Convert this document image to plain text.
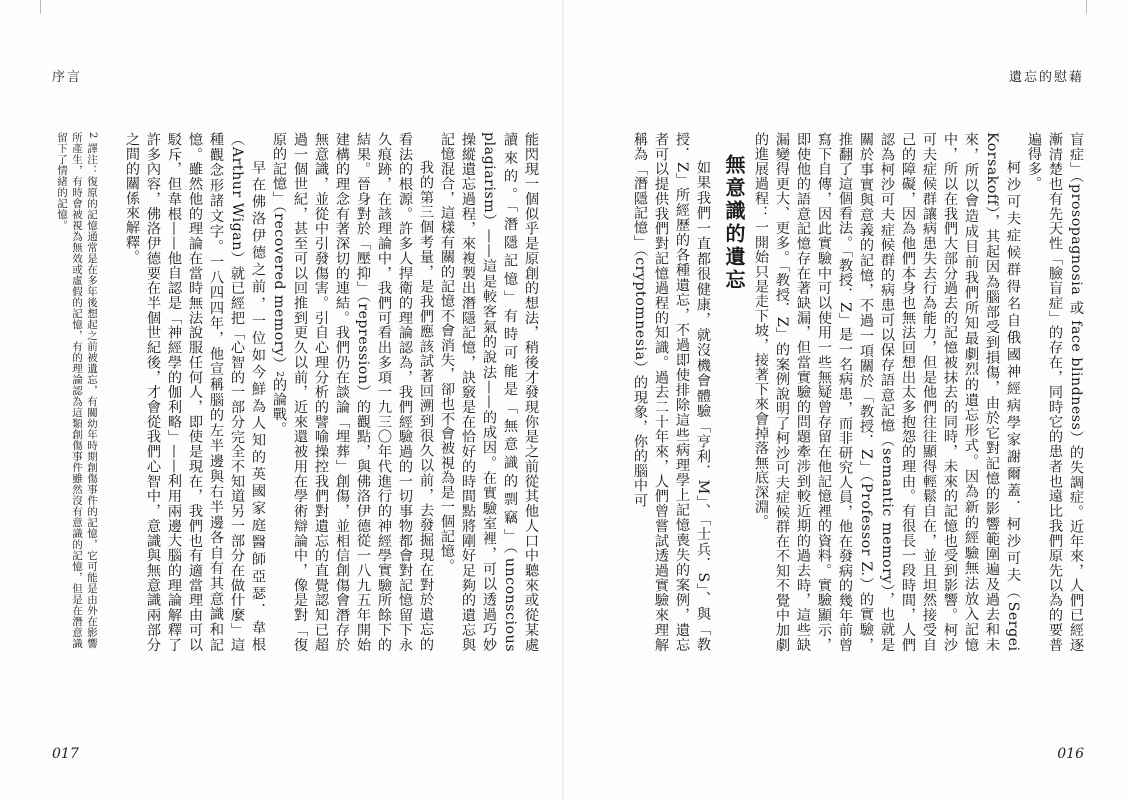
遺忘的慰藉

盲症」（prosopagnosia 或 face blindness）的失調症。近年來，人們已經逐漸清楚也有先天性「臉盲症」的存在，同時它的患者也遠比我們原先以為的要普遍得多。

柯沙可夫症候群得名自俄國神經病學家謝爾蓋．柯沙可夫（Sergei Korsakoff），其起因為腦部受到損傷，由於它對記憶的影響範圍遍及過去和未來，所以會造成目前我們所知最劇烈的遺忘形式。因為新的經驗無法放入記憶中，所以在我們大部分過去的記憶被抹去的同時，未來的記憶也受到影響。柯沙可夫症候群讓病患失去行為能力，但是他們往往顯得輕鬆自在，並且坦然接受自己的障礙，因為他們本身也無法回想出太多抱怨的理由。有很長一段時間，人們認為柯沙可夫症候群的病患可以保存語意記憶（semantic memory），也就是關於事實與意義的記憶，不過一項關於「教授．Z」（Professor Z.）的實驗，推翻了這個看法。「教授．Z」是一名病患，而非研究人員，他在發病的幾年前曾寫下自傳，因此實驗中可以使用一些無疑曾存留在他記憶裡的資料。實驗顯示，即使他的語意記憶存在著缺漏，但當實驗的問題牽涉到較近期的過去時，這些缺漏變得更大、更多。「教授．Z」的案例說明了柯沙可夫症候群在不知不覺中加劇的進展過程：一開始只是走下坡，接著下來會掉落無底深淵。

無意識的遺忘

如果我們一直都很健康，就沒機會體驗「亨利．M」、「士兵．S」、與「教授．Z」所經歷的各種遺忘，不過即使排除這些病理學上記憶喪失的案例，遺忘者可以提供我們對記憶過程的知識。過去二十年來，人們曾嘗試透過實驗來理解稱為「潛隱記憶」（cryptomnesia）的現象，你的腦中可

016
序言

能閃現一個似乎是原創的想法，稍後才發現你是之前從其他人口中聽來或從某處讀來的。「潛隱記憶」有時可能是「無意識的剽竊」（unconscious plagiarism）——這是較客氣的說法——的成因。在實驗室裡，可以透過巧妙操縱遺忘過程，來複製出潛隱記憶，訣竅是在恰好的時間點將剛好足夠的遺忘與記憶混合，這樣有關的記憶不會消失，卻也不會被視為是一個記憶。

我的第三個考量，是我們應該試著回溯到很久以前，去發掘現在對於遺忘的看法的根源。許多人捍衛的理論認為，我們經驗過的一切事物都會對記憶留下永久痕跡，在該理論中，我們可看出多項一九三〇年代進行的神經學實驗所餘下的結果。晉身對於「壓抑」（repression）的觀點，與佛洛伊德從一八九五年開始建構的理念有著深切的連結。我們仍在談論「埋葬」創傷，並相信創傷會潛存於無意識，並從中引發傷害。引自心理分析的譬喻操控我們對遺忘的直覺認知已超過一個世紀，甚至可以回推到更久以前，近來還被用在學術辯論中，像是對「復原的記憶」（recovered memory）2的論戰。

早在佛洛伊德之前，一位如今鮮為人知的英國家庭醫師亞瑟．韋根（Arthur Wigan）就已經把「心智的一部分完全不知道另一部分在做什麼」這種觀念形諸文字。一八四四年，他宣稱腦的左半邊與右半邊各自有其意識和記憶。雖然他的理論在當時無法說服任何人，即使是現在，我們也有適當理由可以駁斥，但韋根——他自認是「神經學的伽利略」——利用兩邊大腦的理論解釋了許多內容，佛洛伊德要在半個世紀後，才會從我們心智中，意識與無意識兩部分之間的關係來解釋。

2 譯注：復原的記憶通常是在多年後想起之前被遺忘，有關幼年時期創傷事件的記憶，它可能是由外在影響所產生，有時會被視為無效或虛假的記憶，有的理論認為這類創傷事件雖然沒有意識的記憶，但是在潛意識留下了情緒的記憶。
017
